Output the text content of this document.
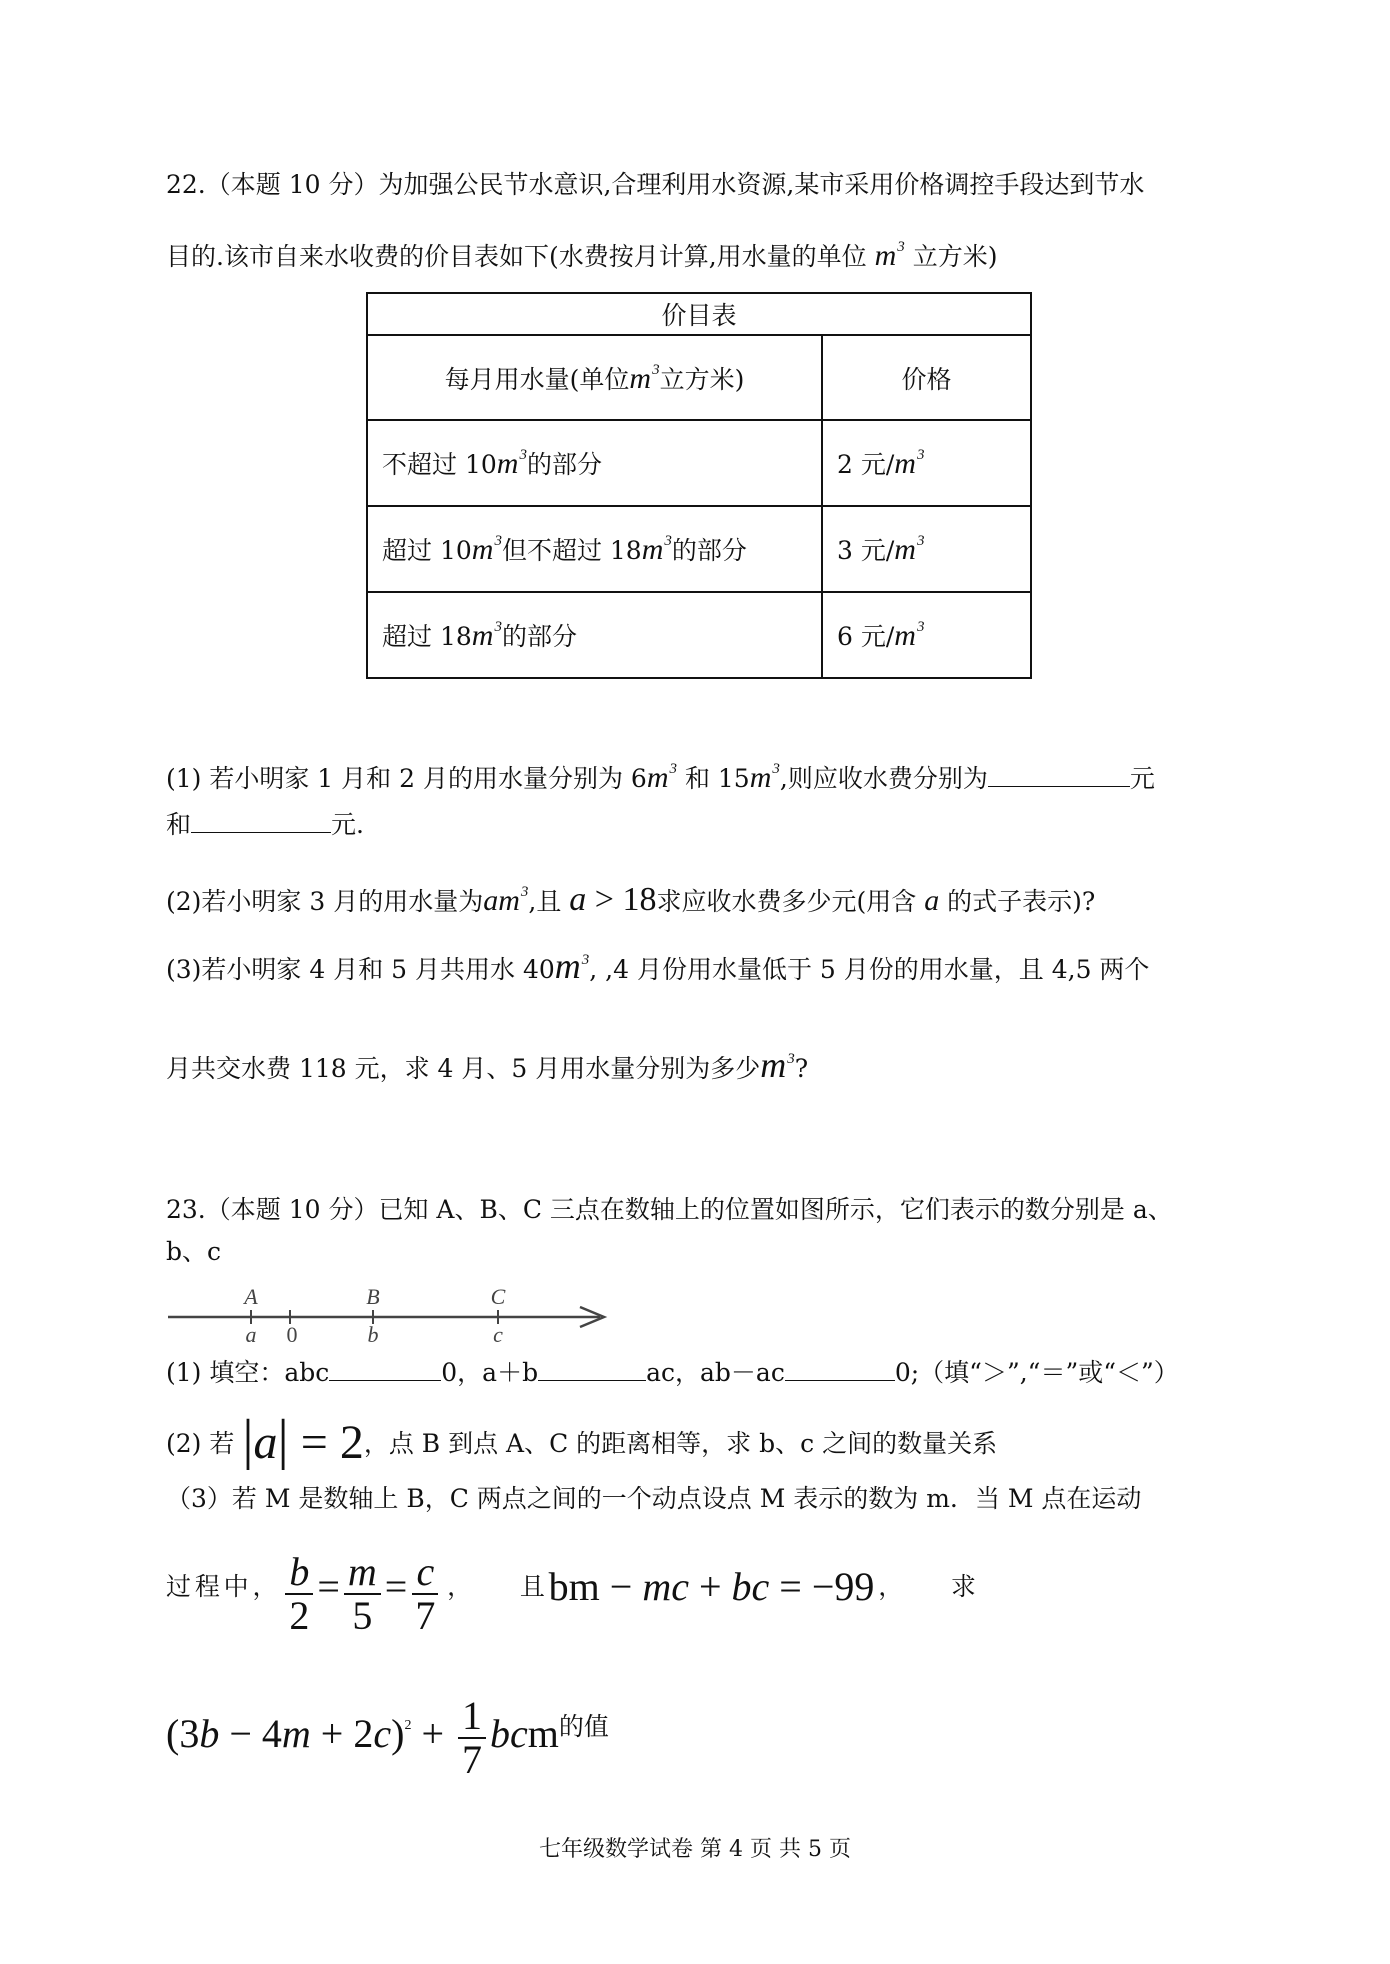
22.（本题 10 分）为加强公民节水意识,合理利用水资源,某市采用价格调控手段达到节水
目的.该市自来水收费的价目表如下(水费按月计算,用水量的单位 $m^3$ 立方米)
价目表	
每月用水量(单位$m^3$立方米)	价格
不超过 $10m^3$的部分	2 元$/m^3$
超过 $10m^3$但不超过 $18m^3$的部分	3 元$/m^3$
超过 $18m^3$的部分	6 元$/m^3$
(1) 若小明家 1 月和 2 月的用水量分别为 $6m^3$ 和 $15m^3$,则应收水费分别为	元
和	元.
(2)若小明家 3 月的用水量为$am^3$,且 a > 18求应收水费多少元(用含 a 的式子表示)?
(3)若小明家 4 月和 5 月共用水 $40m^3$, ,4 月份用水量低于 5 月份的用水量，且 4,5 两个
月共交水费 118 元，求 4 月、5 月用水量分别为多少$m^3$?
23.（本题 10 分）已知 A、B、C 三点在数轴上的位置如图所示，它们表示的数分别是 a、
b、c
A	B	C
a 0	b	c
(1) 填空：abc	0，a＋b	ac，ab－ac	0;（填“＞”,“＝”或“＜”）
(2) 若 |a| = 2，点 B 到点 A、C 的距离相等，求 b、c 之间的数量关系
（3）若 M 是数轴上 B，C 两点之间的一个动点设点 M 表示的数为 m．当 M 点在运动
过 程 中 ， $\frac{b}{2} = \frac{m}{5} = \frac{c}{7}$ ，      且 bm − mc + bc = −99 ，      求
$(3b - 4m + 2c)^2 + \frac{1}{7}$ bcm的值
七年级数学试卷 第 4 页 共 5 页
